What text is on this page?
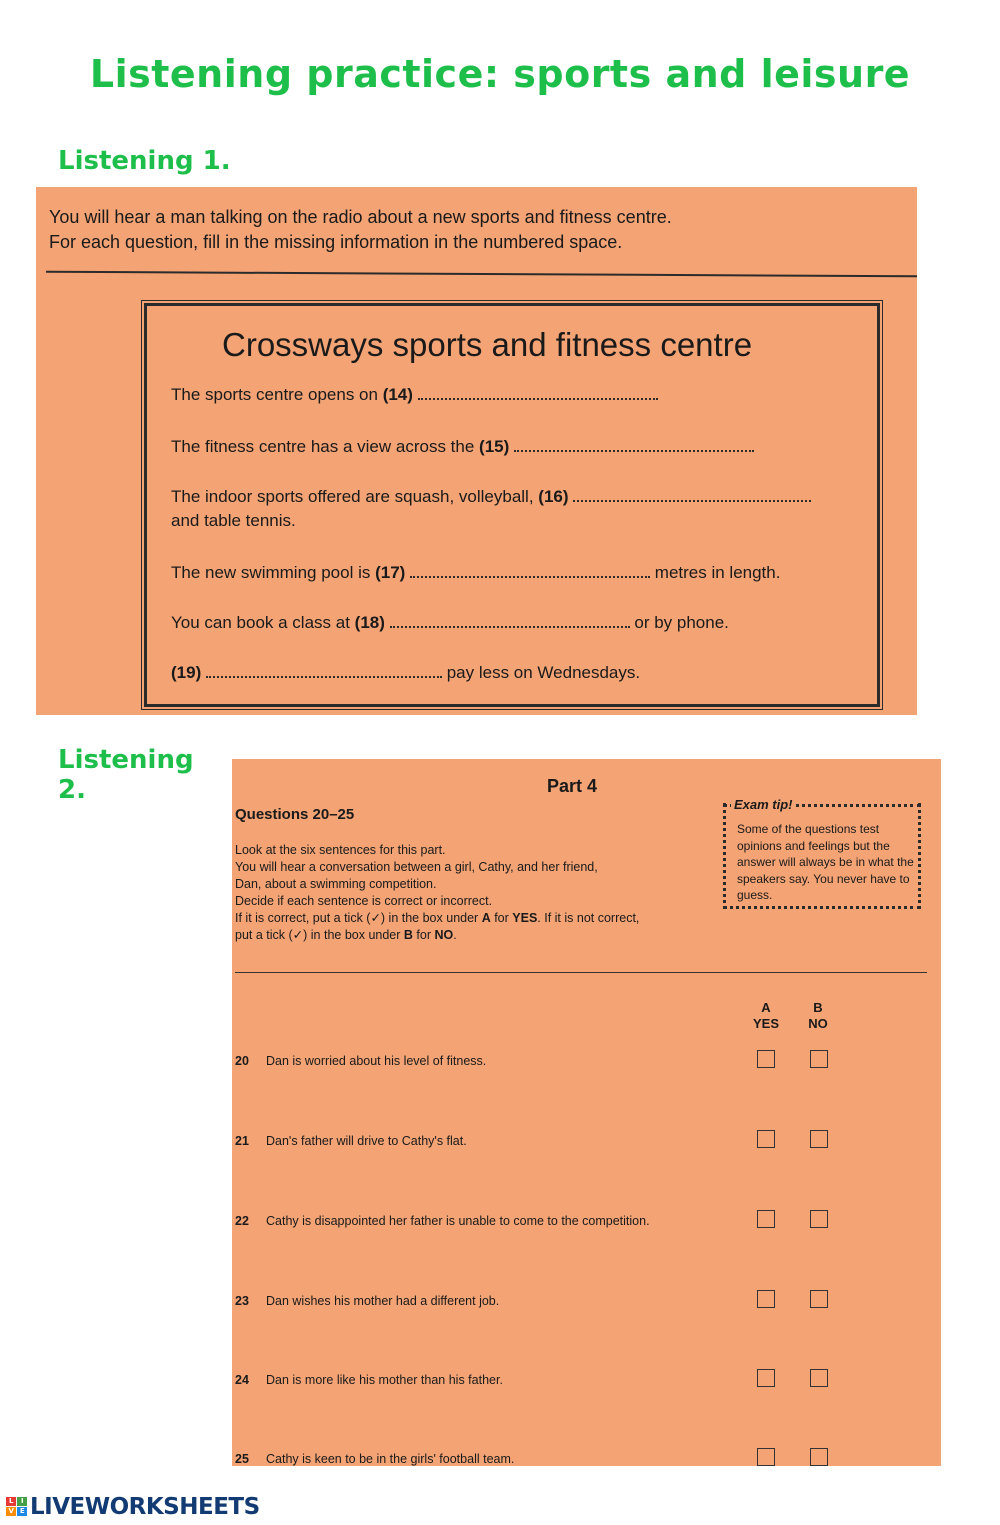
Listening practice: sports and leisure
Listening 1.
You will hear a man talking on the radio about a new sports and fitness centre.
For each question, fill in the missing information in the numbered space.
Crossways sports and fitness centre
The sports centre opens on (14)
The fitness centre has a view across the (15)
The indoor sports offered are squash, volleyball, (16)
and table tennis.
The new swimming pool is (17)	metres in length.
You can book a class at (18)	or by phone.
(19)	pay less on Wednesdays.
Listening
2.	Part 4
Questions 20–25
Look at the six sentences for this part.
You will hear a conversation between a girl, Cathy, and her friend,
Dan, about a swimming competition.
Decide if each sentence is correct or incorrect.
If it is correct, put a tick (✓) in the box under A for YES. If it is not correct,
put a tick (✓) in the box under B for NO.
Exam tip!
Some of the questions test opinions and feelings but the answer will always be in what the speakers say. You never have to guess.
A
YES
B
NO
20 Dan is worried about his level of fitness.
21 Dan's father will drive to Cathy's flat.
22 Cathy is disappointed her father is unable to come to the competition.
23 Dan wishes his mother had a different job.
24 Dan is more like his mother than his father.
25 Cathy is keen to be in the girls' football team.
L	I
V E LIVEWORKSHEETS
